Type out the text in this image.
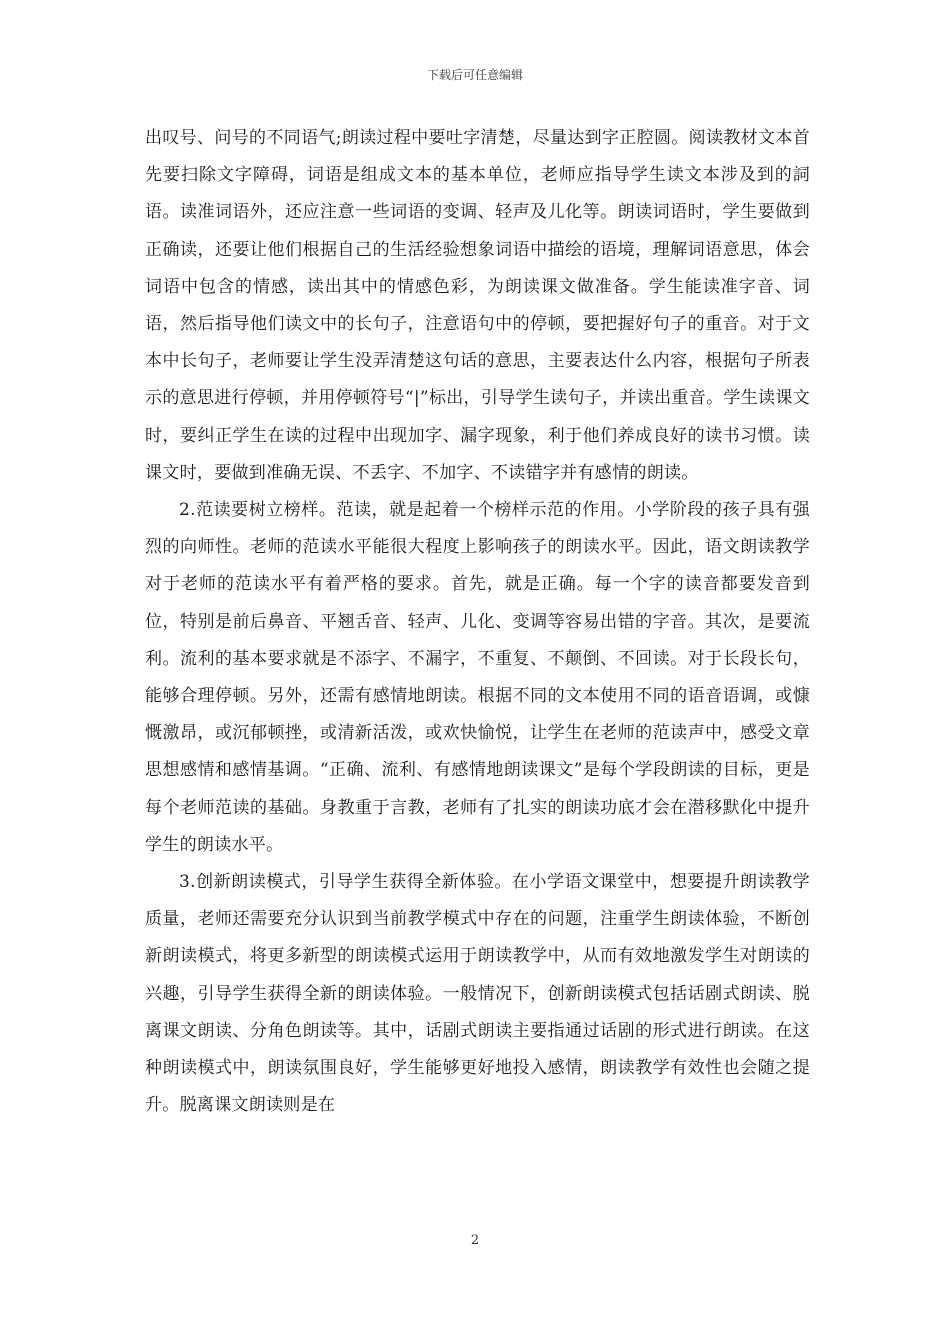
下载后可任意编辑

出叹号、问号的不同语气;朗读过程中要吐字清楚，尽量达到字正腔圆。阅读教材文本首先要扫除文字障碍，词语是组成文本的基本单位，老师应指导学生读文本涉及到的詞语。读准词语外，还应注意一些词语的变调、轻声及儿化等。朗读词语时，学生要做到正确读，还要让他们根据自己的生活经验想象词语中描绘的语境，理解词语意思，体会词语中包含的情感，读出其中的情感色彩，为朗读课文做准备。学生能读准字音、词语，然后指导他们读文中的长句子，注意语句中的停顿，要把握好句子的重音。对于文本中长句子，老师要让学生没弄清楚这句话的意思，主要表达什么内容，根据句子所表示的意思进行停顿，并用停顿符号“|”标出，引导学生读句子，并读出重音。学生读课文时，要纠正学生在读的过程中出现加字、漏字现象，利于他们养成良好的读书习惯。读课文时，要做到准确无误、不丢字、不加字、不读错字并有感情的朗读。

2.范读要树立榜样。范读，就是起着一个榜样示范的作用。小学阶段的孩子具有强烈的向师性。老师的范读水平能很大程度上影响孩子的朗读水平。因此，语文朗读教学对于老师的范读水平有着严格的要求。首先，就是正确。每一个字的读音都要发音到位，特别是前后鼻音、平翘舌音、轻声、儿化、变调等容易出错的字音。其次，是要流利。流利的基本要求就是不添字、不漏字，不重复、不颠倒、不回读。对于长段长句，能够合理停顿。另外，还需有感情地朗读。根据不同的文本使用不同的语音语调，或慷慨激昂，或沉郁顿挫，或清新活泼，或欢快愉悦，让学生在老师的范读声中，感受文章思想感情和感情基调。“正确、流利、有感情地朗读课文”是每个学段朗读的目标，更是每个老师范读的基础。身教重于言教，老师有了扎实的朗读功底才会在潜移默化中提升学生的朗读水平。

3.创新朗读模式，引导学生获得全新体验。在小学语文课堂中，想要提升朗读教学质量，老师还需要充分认识到当前教学模式中存在的问题，注重学生朗读体验，不断创新朗读模式，将更多新型的朗读模式运用于朗读教学中，从而有效地激发学生对朗读的兴趣，引导学生获得全新的朗读体验。一般情况下，创新朗读模式包括话剧式朗读、脱离课文朗读、分角色朗读等。其中，话剧式朗读主要指通过话剧的形式进行朗读。在这种朗读模式中，朗读氛围良好，学生能够更好地投入感情，朗读教学有效性也会随之提升。脱离课文朗读则是在

2
